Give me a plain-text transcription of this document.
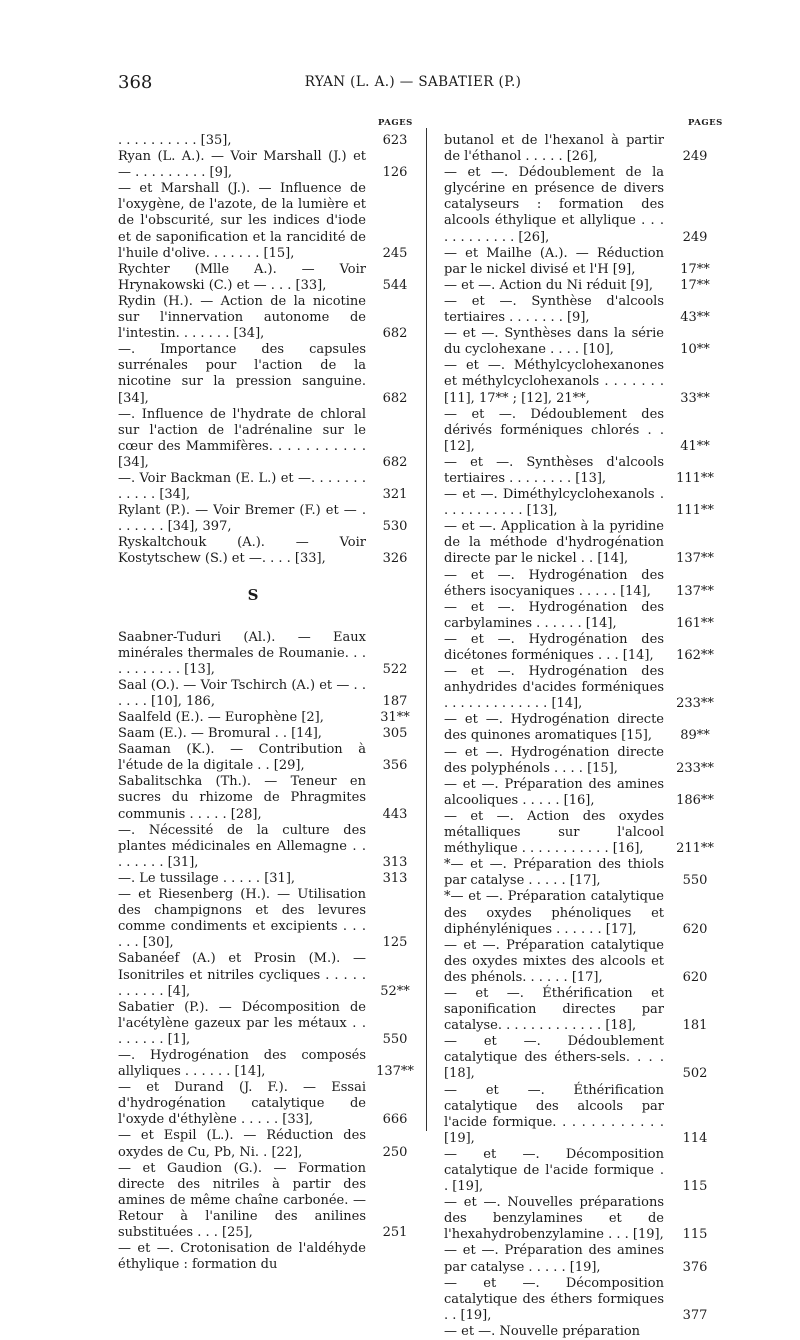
368	RYAN (L. A.) — SABATIER (P.)
PAGES	PAGES
. . . . . . . . . . [35],	623
Ryan (L. A.). — Voir Marshall (J.) et — . . . . . . . . . [9],	126
— et Marshall (J.). — Influence de l'oxygène, de l'azote, de la lumière et de l'obscurité, sur les indices d'iode et de saponification et la rancidité de l'huile d'olive. . . . . . . [15],	245
Rychter (Mlle A.). — Voir Hrynakowski (C.) et — . . . [33],	544
Rydin (H.). — Action de la nicotine sur l'innervation autonome de l'intestin. . . . . . . [34],	682
—. Importance des capsules surrénales pour l'action de la nicotine sur la pression sanguine. [34],	682
—. Influence de l'hydrate de chloral sur l'action de l'adrénaline sur le cœur des Mammifères. . . . . . . . . . . [34],	682
—. Voir Backman (E. L.) et —. . . . . . . . . . . . [34],	321
Rylant (P.). — Voir Bremer (F.) et — . . . . . . . [34], 397,	530
Ryskaltchouk (A.). — Voir Kostytschew (S.) et —. . . . [33],	326
S
Saabner-Tuduri (Al.). — Eaux minérales thermales de Roumanie. . . . . . . . . . . [13],	522
Saal (O.). — Voir Tschirch (A.) et — . . . . . . [10], 186,	187
Saalfeld (E.). — Europhène [2],	31**
Saam (E.). — Bromural . . [14],	305
Saaman (K.). — Contribution à l'étude de la digitale . . [29],	356
Sabalitschka (Th.). — Teneur en sucres du rhizome de Phragmites communis . . . . . [28],	443
—. Nécessité de la culture des plantes médicinales en Allemagne . . . . . . . . [31],	313
—. Le tussilage . . . . . [31],	313
— et Riesenberg (H.). — Utilisation des champignons et des levures comme condiments et excipients . . . . . . [30],	125
Sabanéef (A.) et Prosin (M.). — Isonitriles et nitriles cycliques . . . . . . . . . . . [4],	52**
Sabatier (P.). — Décomposition de l'acétylène gazeux par les métaux . . . . . . . . [1],	550
—. Hydrogénation des composés allyliques . . . . . . [14],	137**
— et Durand (J. F.). — Essai d'hydrogénation catalytique de l'oxyde d'éthylène . . . . . [33],	666
— et Espil (L.). — Réduction des oxydes de Cu, Pb, Ni. . [22],	250
— et Gaudion (G.). — Formation directe des nitriles à partir des amines de même chaîne carbonée. — Retour à l'aniline des anilines substituées . . . [25],	251
— et —. Crotonisation de l'aldéhyde éthylique : formation du
butanol et de l'hexanol à partir de l'éthanol . . . . . [26],	249
— et —. Dédoublement de la glycérine en présence de divers catalyseurs : formation des alcools éthylique et allylique . . . . . . . . . . . . [26],	249
— et Mailhe (A.). — Réduction par le nickel divisé et l'H [9],	17**
— et —. Action du Ni réduit [9],	17**
— et —. Synthèse d'alcools tertiaires . . . . . . . [9],	43**
— et —. Synthèses dans la série du cyclohexane . . . . [10],	10**
— et —. Méthylcyclohexanones et méthylcyclohexanols . . . . . . . [11], 17** ; [12], 21**,	33**
— et —. Dédoublement des dérivés forméniques chlorés . . [12],	41**
— et —. Synthèses d'alcools tertiaires . . . . . . . . [13],	111**
— et —. Diméthylcyclohexanols . . . . . . . . . . . [13],	111**
— et —. Application à la pyridine de la méthode d'hydrogénation directe par le nickel . . [14],	137**
— et —. Hydrogénation des éthers isocyaniques . . . . . [14],	137**
— et —. Hydrogénation des carbylamines . . . . . . [14],	161**
— et —. Hydrogénation des dicétones forméniques . . . [14],	162**
— et —. Hydrogénation des anhydrides d'acides forméniques . . . . . . . . . . . . . [14],	233**
— et —. Hydrogénation directe des quinones aromatiques [15],	89**
— et —. Hydrogénation directe des polyphénols . . . . [15],	233**
— et —. Préparation des amines alcooliques . . . . . [16],	186**
— et —. Action des oxydes métalliques sur l'alcool méthylique . . . . . . . . . . . [16],	211**
*— et —. Préparation des thiols par catalyse . . . . . [17],	550
*— et —. Préparation catalytique des oxydes phénoliques et diphényléniques . . . . . . [17],	620
— et —. Préparation catalytique des oxydes mixtes des alcools et des phénols. . . . . . [17],	620
— et —. Éthérification et saponification directes par catalyse. . . . . . . . . . . . . [18],	181
— et —. Dédoublement catalytique des éthers-sels. . . . [18],	502
— et —. Éthérification catalytique des alcools par l'acide formique. . . . . . . . . . . . [19],	114
— et —. Décomposition catalytique de l'acide formique . . [19],	115
— et —. Nouvelles préparations des benzylamines et de l'hexahydrobenzylamine . . . [19],	115
— et —. Préparation des amines par catalyse . . . . . [19],	376
— et —. Décomposition catalytique des éthers formiques . . [19],	377
— et —. Nouvelle préparation
